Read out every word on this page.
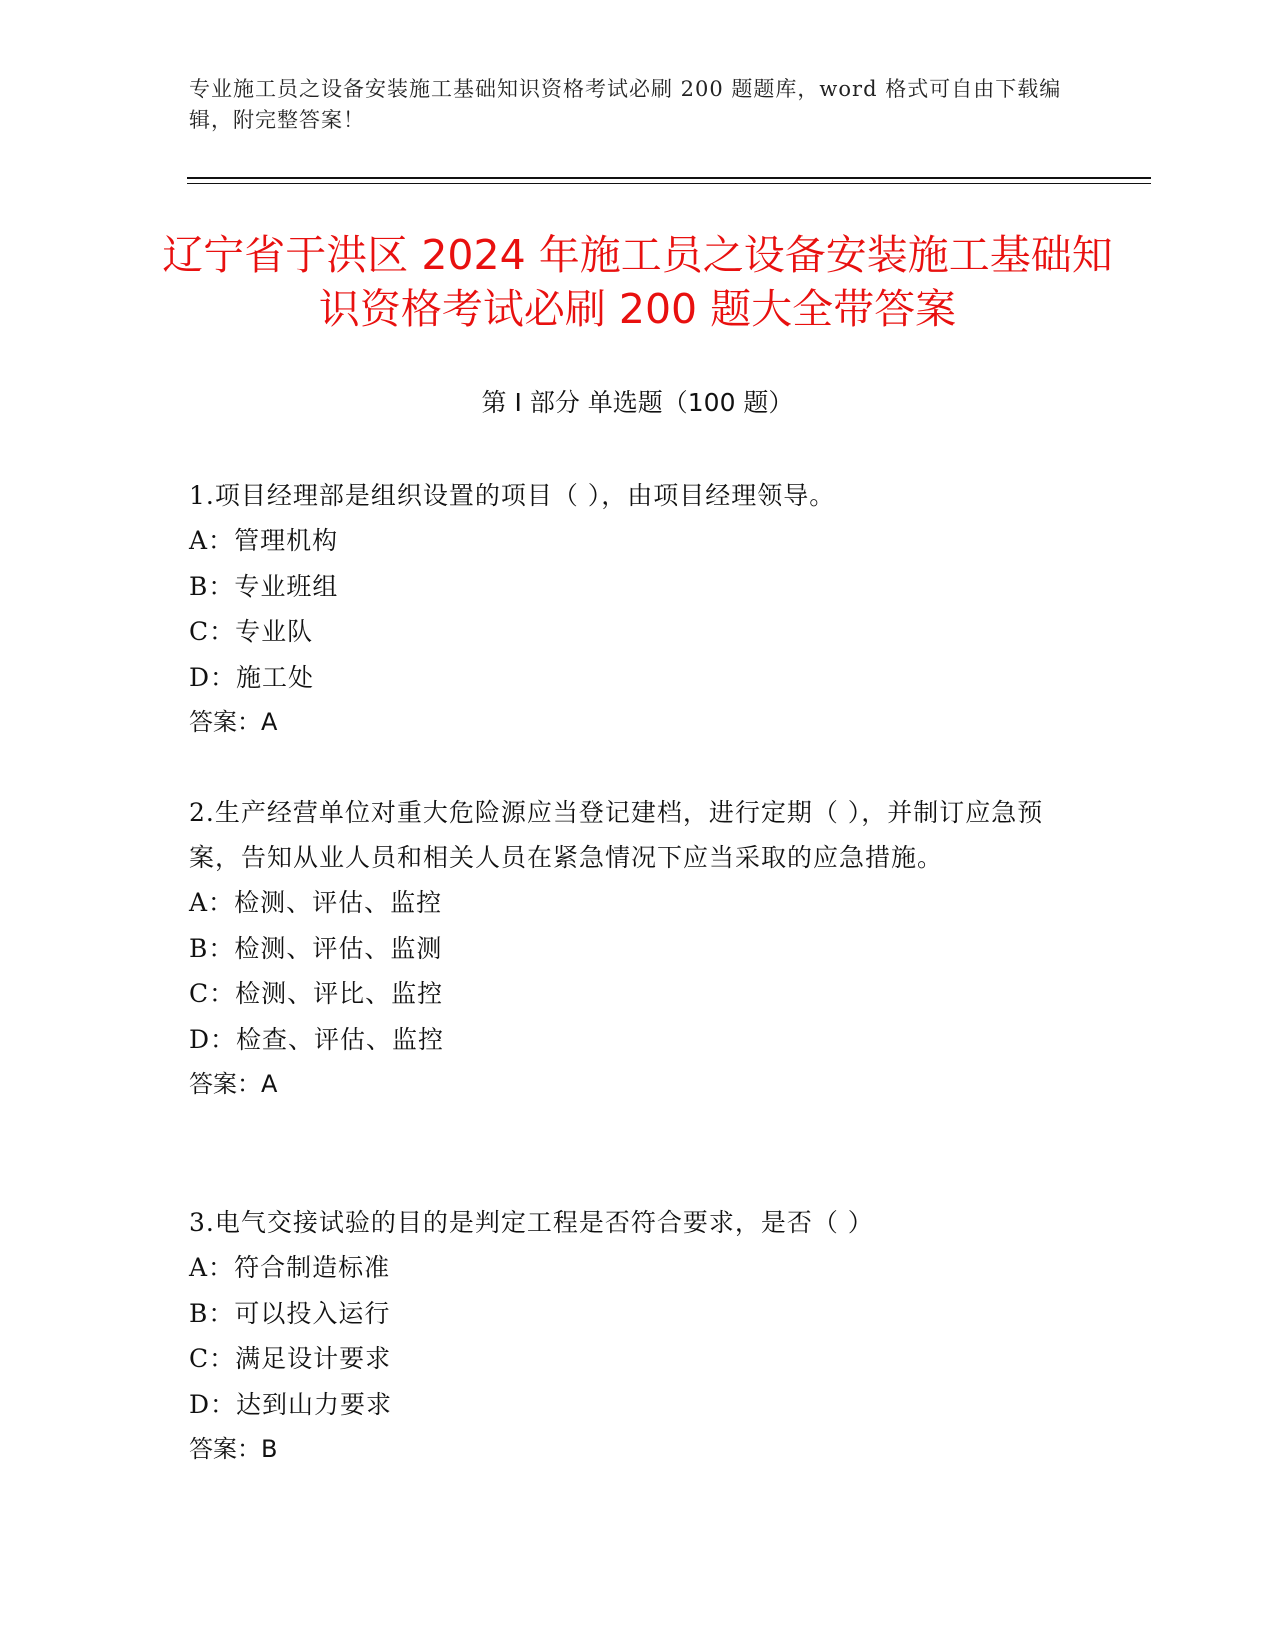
专业施工员之设备安装施工基础知识资格考试必刷 200 题题库，word 格式可自由下载编辑，附完整答案！
辽宁省于洪区 2024 年施工员之设备安装施工基础知识资格考试必刷 200 题大全带答案
第 I 部分 单选题（100 题）

1.项目经理部是组织设置的项目（ ），由项目经理领导。

A：管理机构

B：专业班组

C：专业队

D：施工处

答案：A

2.生产经营单位对重大危险源应当登记建档，进行定期（ ），并制订应急预案，告知从业人员和相关人员在紧急情况下应当采取的应急措施。

A：检测、评估、监控

B：检测、评估、监测

C：检测、评比、监控

D：检查、评估、监控

答案：A

3.电气交接试验的目的是判定工程是否符合要求，是否（ ）

A：符合制造标准

B：可以投入运行

C：满足设计要求

D：达到山力要求

答案：B
